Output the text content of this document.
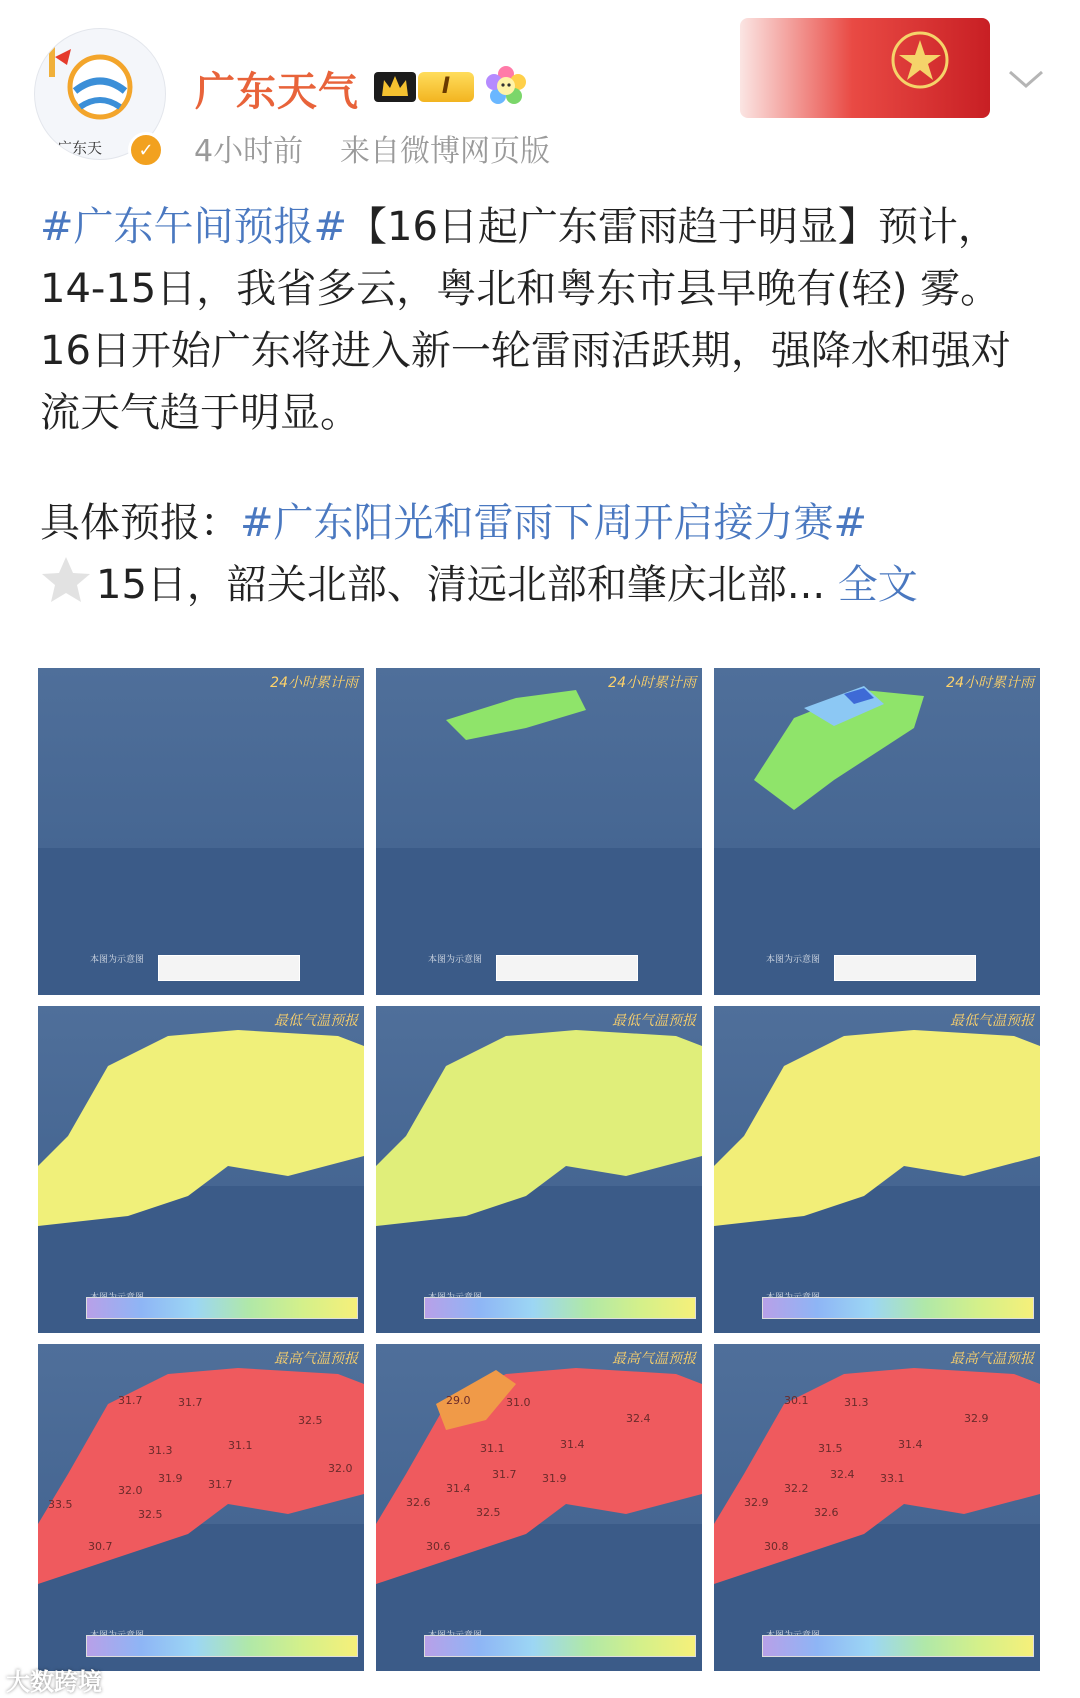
广东天	✓
广东天气	I
4小时前 来自微博网页版

#广东午间预报#【16日起广东雷雨趋于明显】预计，14-15日，我省多云，粤北和粤东市县早晚有(轻) 雾。16日开始广东将进入新一轮雷雨活跃期，强降水和强对流天气趋于明显。

具体预报：#广东阳光和雷雨下周开启接力赛#
15日，韶关北部、清远北部和肇庆北部... 全文

24小时累计雨
本图为示意图
24小时累计雨
本图为示意图
24小时累计雨
本图为示意图
最低气温预报	最低气温预报	最低气温预报
31.7	31.7
32.5
31.3	31.1
32.0
31.9 31.7
32.0
33.5
32.5
30.7
最高气温预报
29.0	31.0
32.4
31.1	31.4
31.7 31.9
31.4
32.6
32.5
30.6
最高气温预报
30.1	31.3
32.9
31.5	31.4
32.4 33.1
32.2
32.9
32.6
30.8
最高气温预报
大数跨境
